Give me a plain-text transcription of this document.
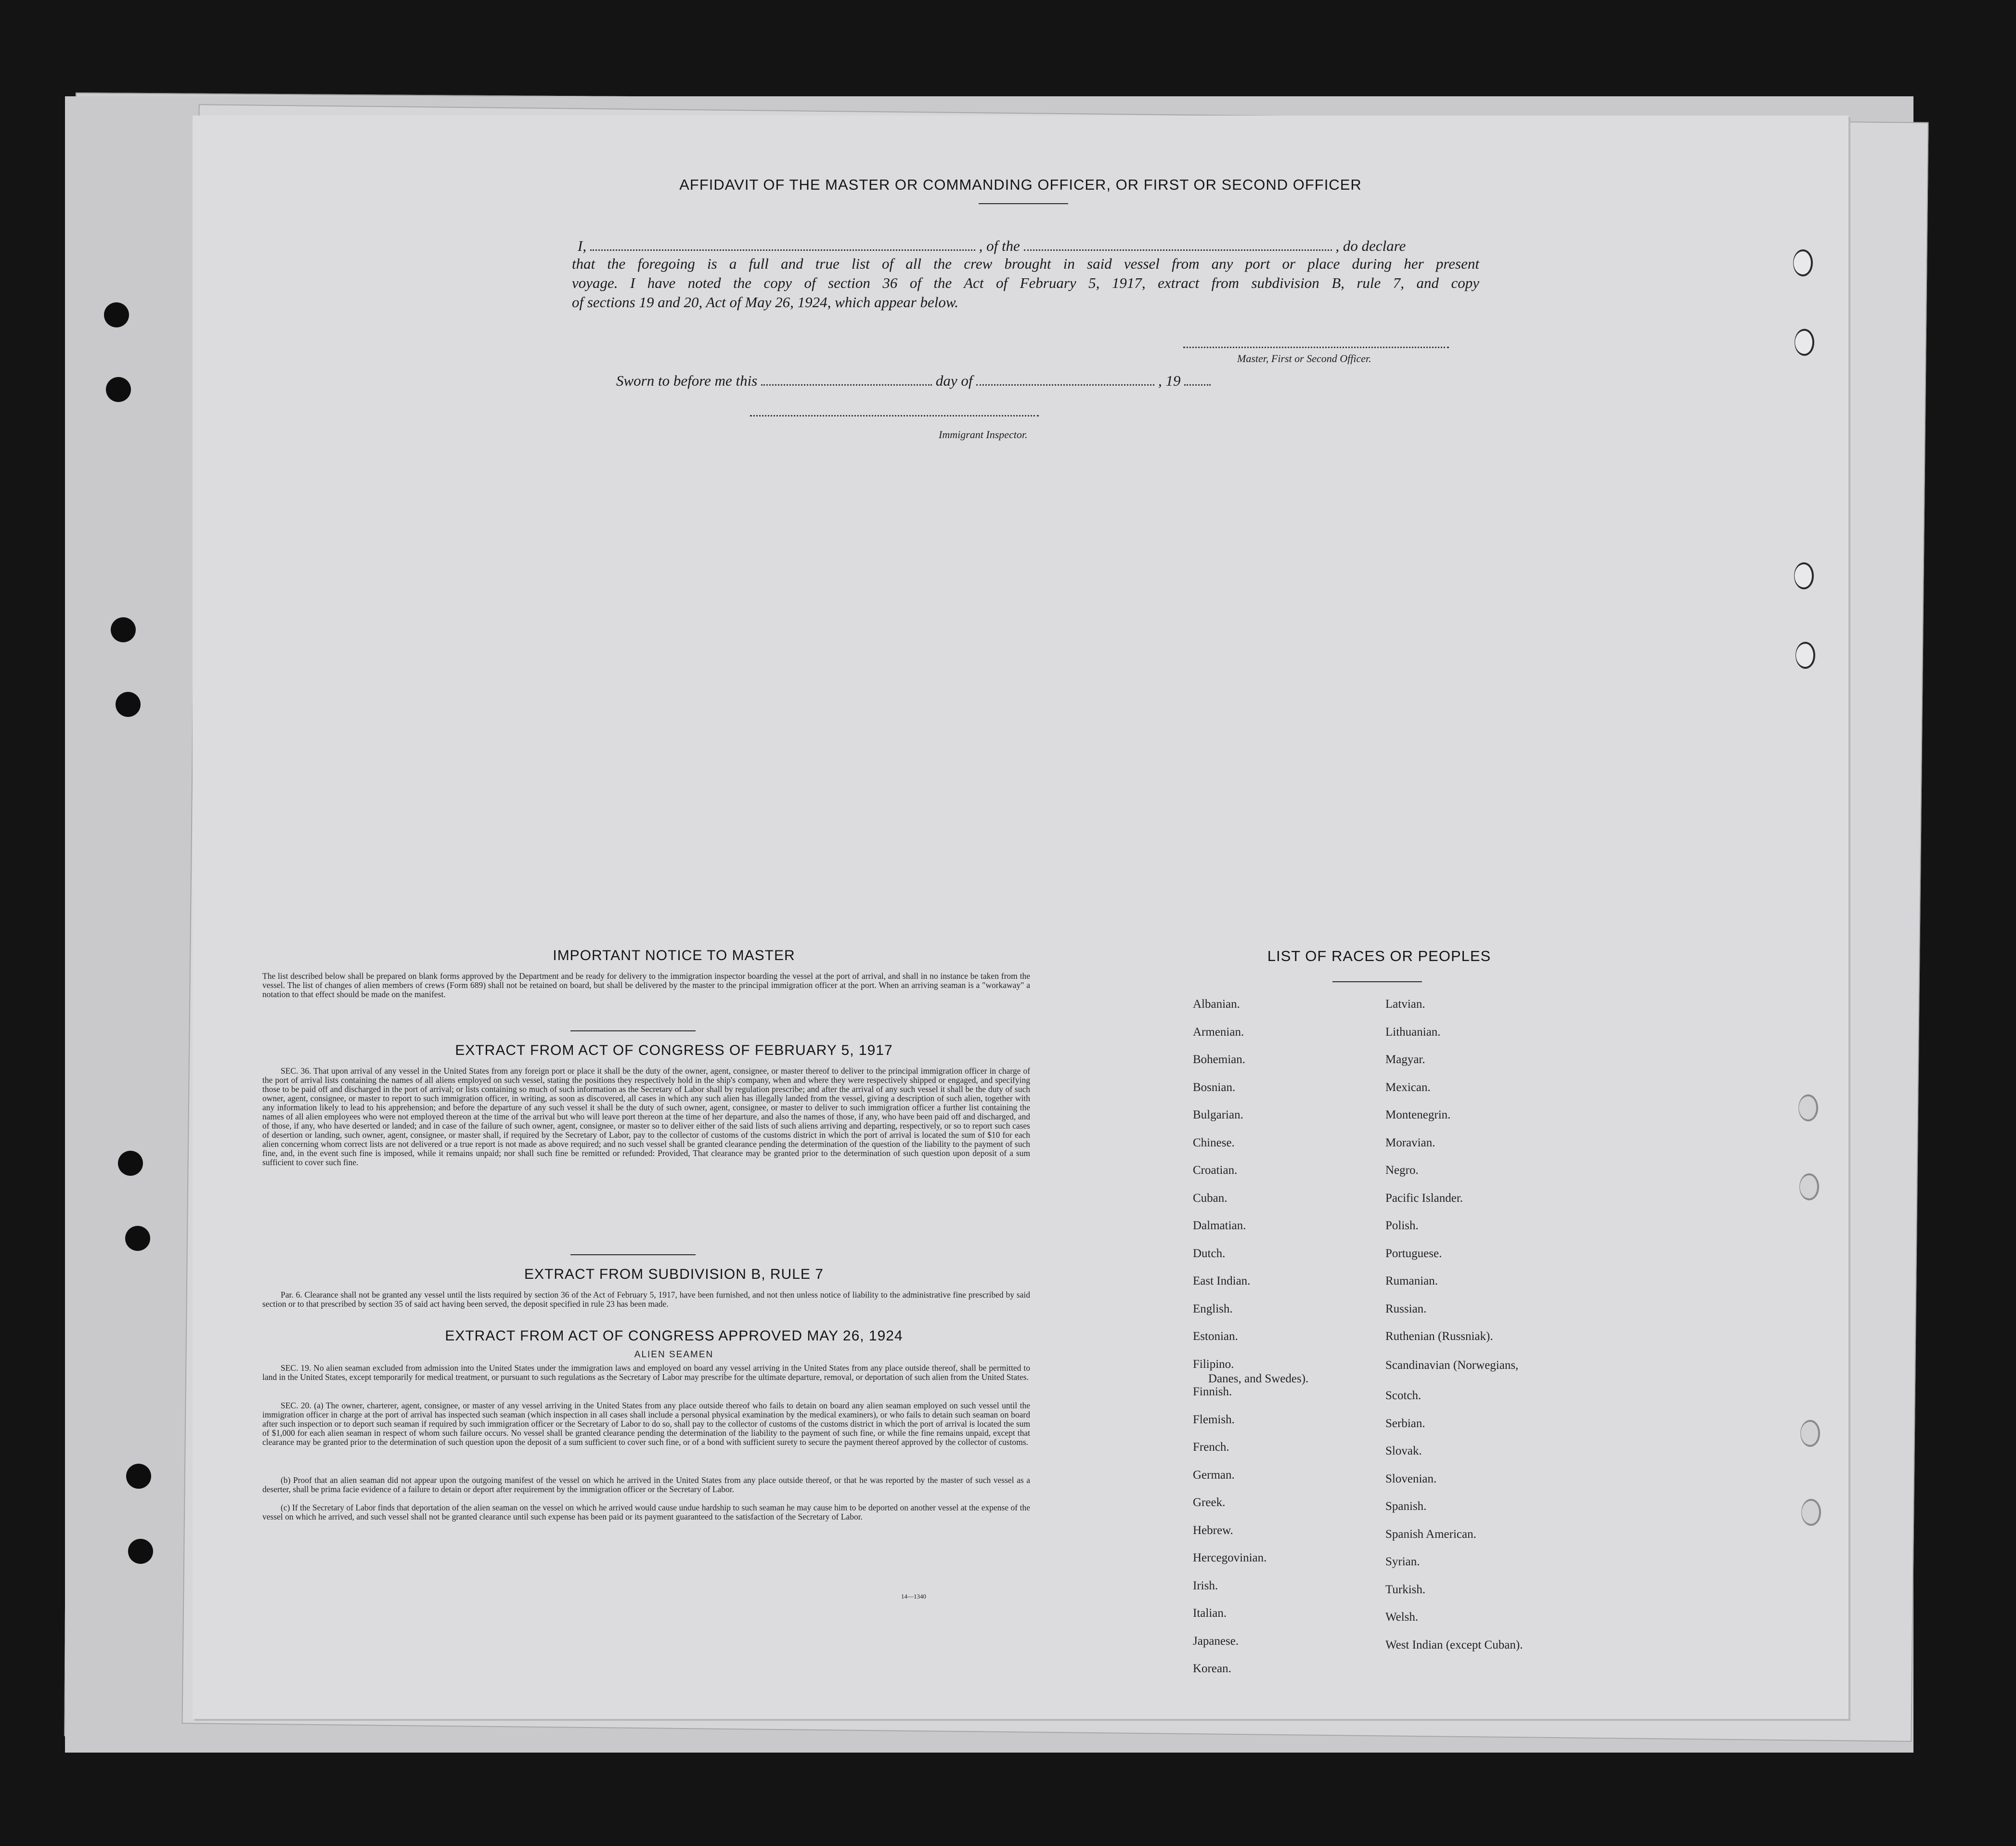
AFFIDAVIT OF THE MASTER OR COMMANDING OFFICER, OR FIRST OR SECOND OFFICER
I,	, of the	, do declare
that the foregoing is a full and true list of all the crew brought in said vessel from any port or place during her present
voyage. I have noted the copy of section 36 of the Act of February 5, 1917, extract from subdivision B, rule 7, and copy
of sections 19 and 20, Act of May 26, 1924, which appear below.
Master, First or Second Officer.
Sworn to before me this	day of	, 19
Immigrant Inspector.
IMPORTANT NOTICE TO MASTER
The list described below shall be prepared on blank forms approved by the Department and be ready for delivery to the immigration inspector boarding the vessel at the port of arrival, and shall in no instance be taken from the vessel. The list of changes of alien members of crews (Form 689) shall not be retained on board, but shall be delivered by the master to the principal immigration officer at the port. When an arriving seaman is a "workaway" a notation to that effect should be made on the manifest.
EXTRACT FROM ACT OF CONGRESS OF FEBRUARY 5, 1917
SEC. 36. That upon arrival of any vessel in the United States from any foreign port or place it shall be the duty of the owner, agent, consignee, or master thereof to deliver to the principal immigration officer in charge of the port of arrival lists containing the names of all aliens employed on such vessel, stating the positions they respectively hold in the ship's company, when and where they were respectively shipped or engaged, and specifying those to be paid off and discharged in the port of arrival; or lists containing so much of such information as the Secretary of Labor shall by regulation prescribe; and after the arrival of any such vessel it shall be the duty of such owner, agent, consignee, or master to report to such immigration officer, in writing, as soon as discovered, all cases in which any such alien has illegally landed from the vessel, giving a description of such alien, together with any information likely to lead to his apprehension; and before the departure of any such vessel it shall be the duty of such owner, agent, consignee, or master to deliver to such immigration officer a further list containing the names of all alien employees who were not employed thereon at the time of the arrival but who will leave port thereon at the time of her departure, and also the names of those, if any, who have been paid off and discharged, and of those, if any, who have deserted or landed; and in case of the failure of such owner, agent, consignee, or master so to deliver either of the said lists of such aliens arriving and departing, respectively, or so to report such cases of desertion or landing, such owner, agent, consignee, or master shall, if required by the Secretary of Labor, pay to the collector of customs of the customs district in which the port of arrival is located the sum of $10 for each alien concerning whom correct lists are not delivered or a true report is not made as above required; and no such vessel shall be granted clearance pending the determination of the question of the liability to the payment of such fine, and, in the event such fine is imposed, while it remains unpaid; nor shall such fine be remitted or refunded: Provided, That clearance may be granted prior to the determination of such question upon deposit of a sum sufficient to cover such fine.
EXTRACT FROM SUBDIVISION B, RULE 7
Par. 6. Clearance shall not be granted any vessel until the lists required by section 36 of the Act of February 5, 1917, have been furnished, and not then unless notice of liability to the administrative fine prescribed by said section or to that prescribed by section 35 of said act having been served, the deposit specified in rule 23 has been made.
EXTRACT FROM ACT OF CONGRESS APPROVED MAY 26, 1924
ALIEN SEAMEN
SEC. 19. No alien seaman excluded from admission into the United States under the immigration laws and employed on board any vessel arriving in the United States from any place outside thereof, shall be permitted to land in the United States, except temporarily for medical treatment, or pursuant to such regulations as the Secretary of Labor may prescribe for the ultimate departure, removal, or deportation of such alien from the United States.
SEC. 20. (a) The owner, charterer, agent, consignee, or master of any vessel arriving in the United States from any place outside thereof who fails to detain on board any alien seaman employed on such vessel until the immigration officer in charge at the port of arrival has inspected such seaman (which inspection in all cases shall include a personal physical examination by the medical examiners), or who fails to detain such seaman on board after such inspection or to deport such seaman if required by such immigration officer or the Secretary of Labor to do so, shall pay to the collector of customs of the customs district in which the port of arrival is located the sum of $1,000 for each alien seaman in respect of whom such failure occurs. No vessel shall be granted clearance pending the determination of the liability to the payment of such fine, or while the fine remains unpaid, except that clearance may be granted prior to the determination of such question upon the deposit of a sum sufficient to cover such fine, or of a bond with sufficient surety to secure the payment thereof approved by the collector of customs.
(b) Proof that an alien seaman did not appear upon the outgoing manifest of the vessel on which he arrived in the United States from any place outside thereof, or that he was reported by the master of such vessel as a deserter, shall be prima facie evidence of a failure to detain or deport after requirement by the immigration officer or the Secretary of Labor.
(c) If the Secretary of Labor finds that deportation of the alien seaman on the vessel on which he arrived would cause undue hardship to such seaman he may cause him to be deported on another vessel at the expense of the vessel on which he arrived, and such vessel shall not be granted clearance until such expense has been paid or its payment guaranteed to the satisfaction of the Secretary of Labor.
14—1340
LIST OF RACES OR PEOPLES
Albanian.
Armenian.
Bohemian.
Bosnian.
Bulgarian.
Chinese.
Croatian.
Cuban.
Dalmatian.
Dutch.
East Indian.
English.
Estonian.
Filipino.
Finnish.
Flemish.
French.
German.
Greek.
Hebrew.
Hercegovinian.
Irish.
Italian.
Japanese.
Korean.
Latvian.
Lithuanian.
Magyar.
Mexican.
Montenegrin.
Moravian.
Negro.
Pacific Islander.
Polish.
Portuguese.
Rumanian.
Russian.
Ruthenian (Russniak).
Scandinavian (Norwegians,
Danes, and Swedes).
Scotch.
Serbian.
Slovak.
Slovenian.
Spanish.
Spanish American.
Syrian.
Turkish.
Welsh.
West Indian (except Cuban).
